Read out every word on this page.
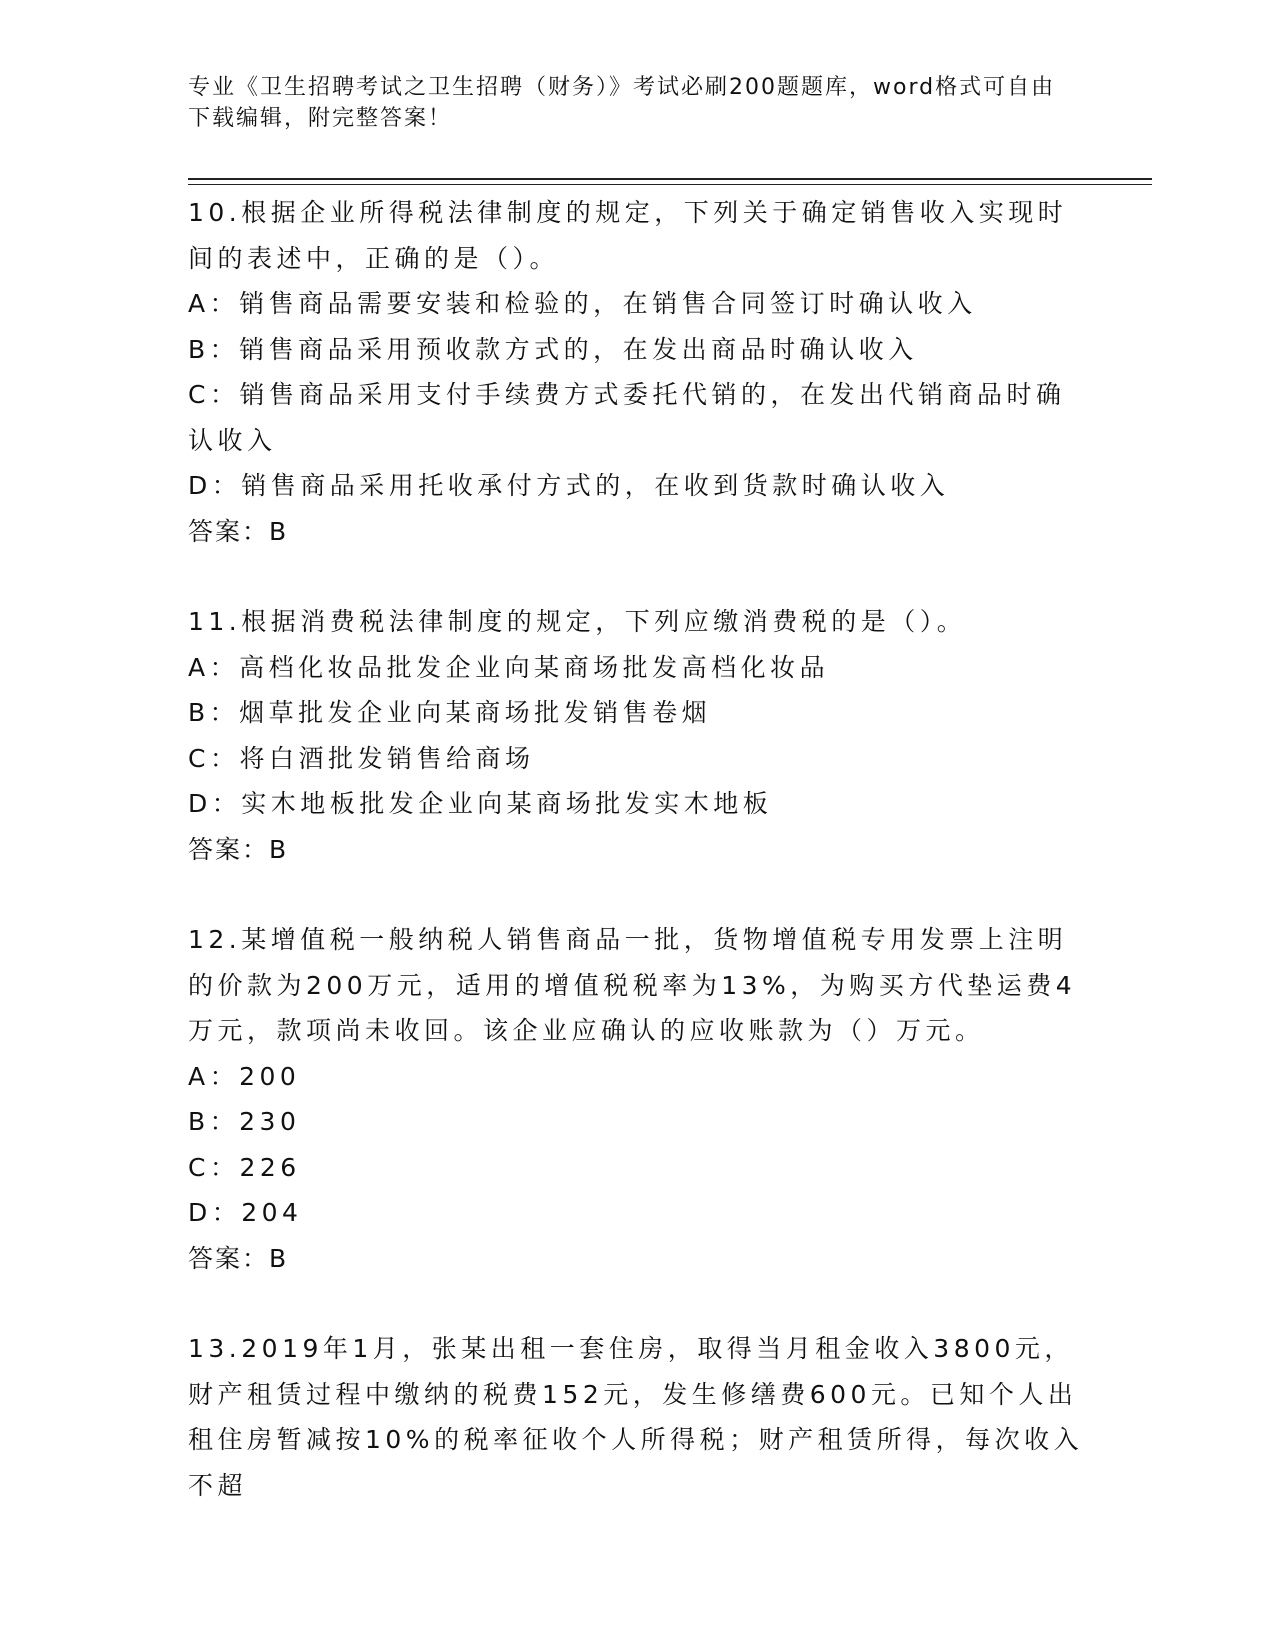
专业《卫生招聘考试之卫生招聘（财务）》考试必刷200题题库，word格式可自由下载编辑，附完整答案！

10.根据企业所得税法律制度的规定，下列关于确定销售收入实现时间的表述中，正确的是（）。

A：销售商品需要安装和检验的，在销售合同签订时确认收入

B：销售商品采用预收款方式的，在发出商品时确认收入

C：销售商品采用支付手续费方式委托代销的，在发出代销商品时确认收入

D：销售商品采用托收承付方式的，在收到货款时确认收入

答案：B

11.根据消费税法律制度的规定，下列应缴消费税的是（）。

A：高档化妆品批发企业向某商场批发高档化妆品

B：烟草批发企业向某商场批发销售卷烟

C：将白酒批发销售给商场

D：实木地板批发企业向某商场批发实木地板

答案：B

12.某增值税一般纳税人销售商品一批，货物增值税专用发票上注明的价款为200万元，适用的增值税税率为13%，为购买方代垫运费4万元，款项尚未收回。该企业应确认的应收账款为（）万元。

A：200

B：230

C：226

D：204

答案：B

13.2019年1月，张某出租一套住房，取得当月租金收入3800元，财产租赁过程中缴纳的税费152元，发生修缮费600元。已知个人出租住房暂减按10%的税率征收个人所得税；财产租赁所得，每次收入不超
